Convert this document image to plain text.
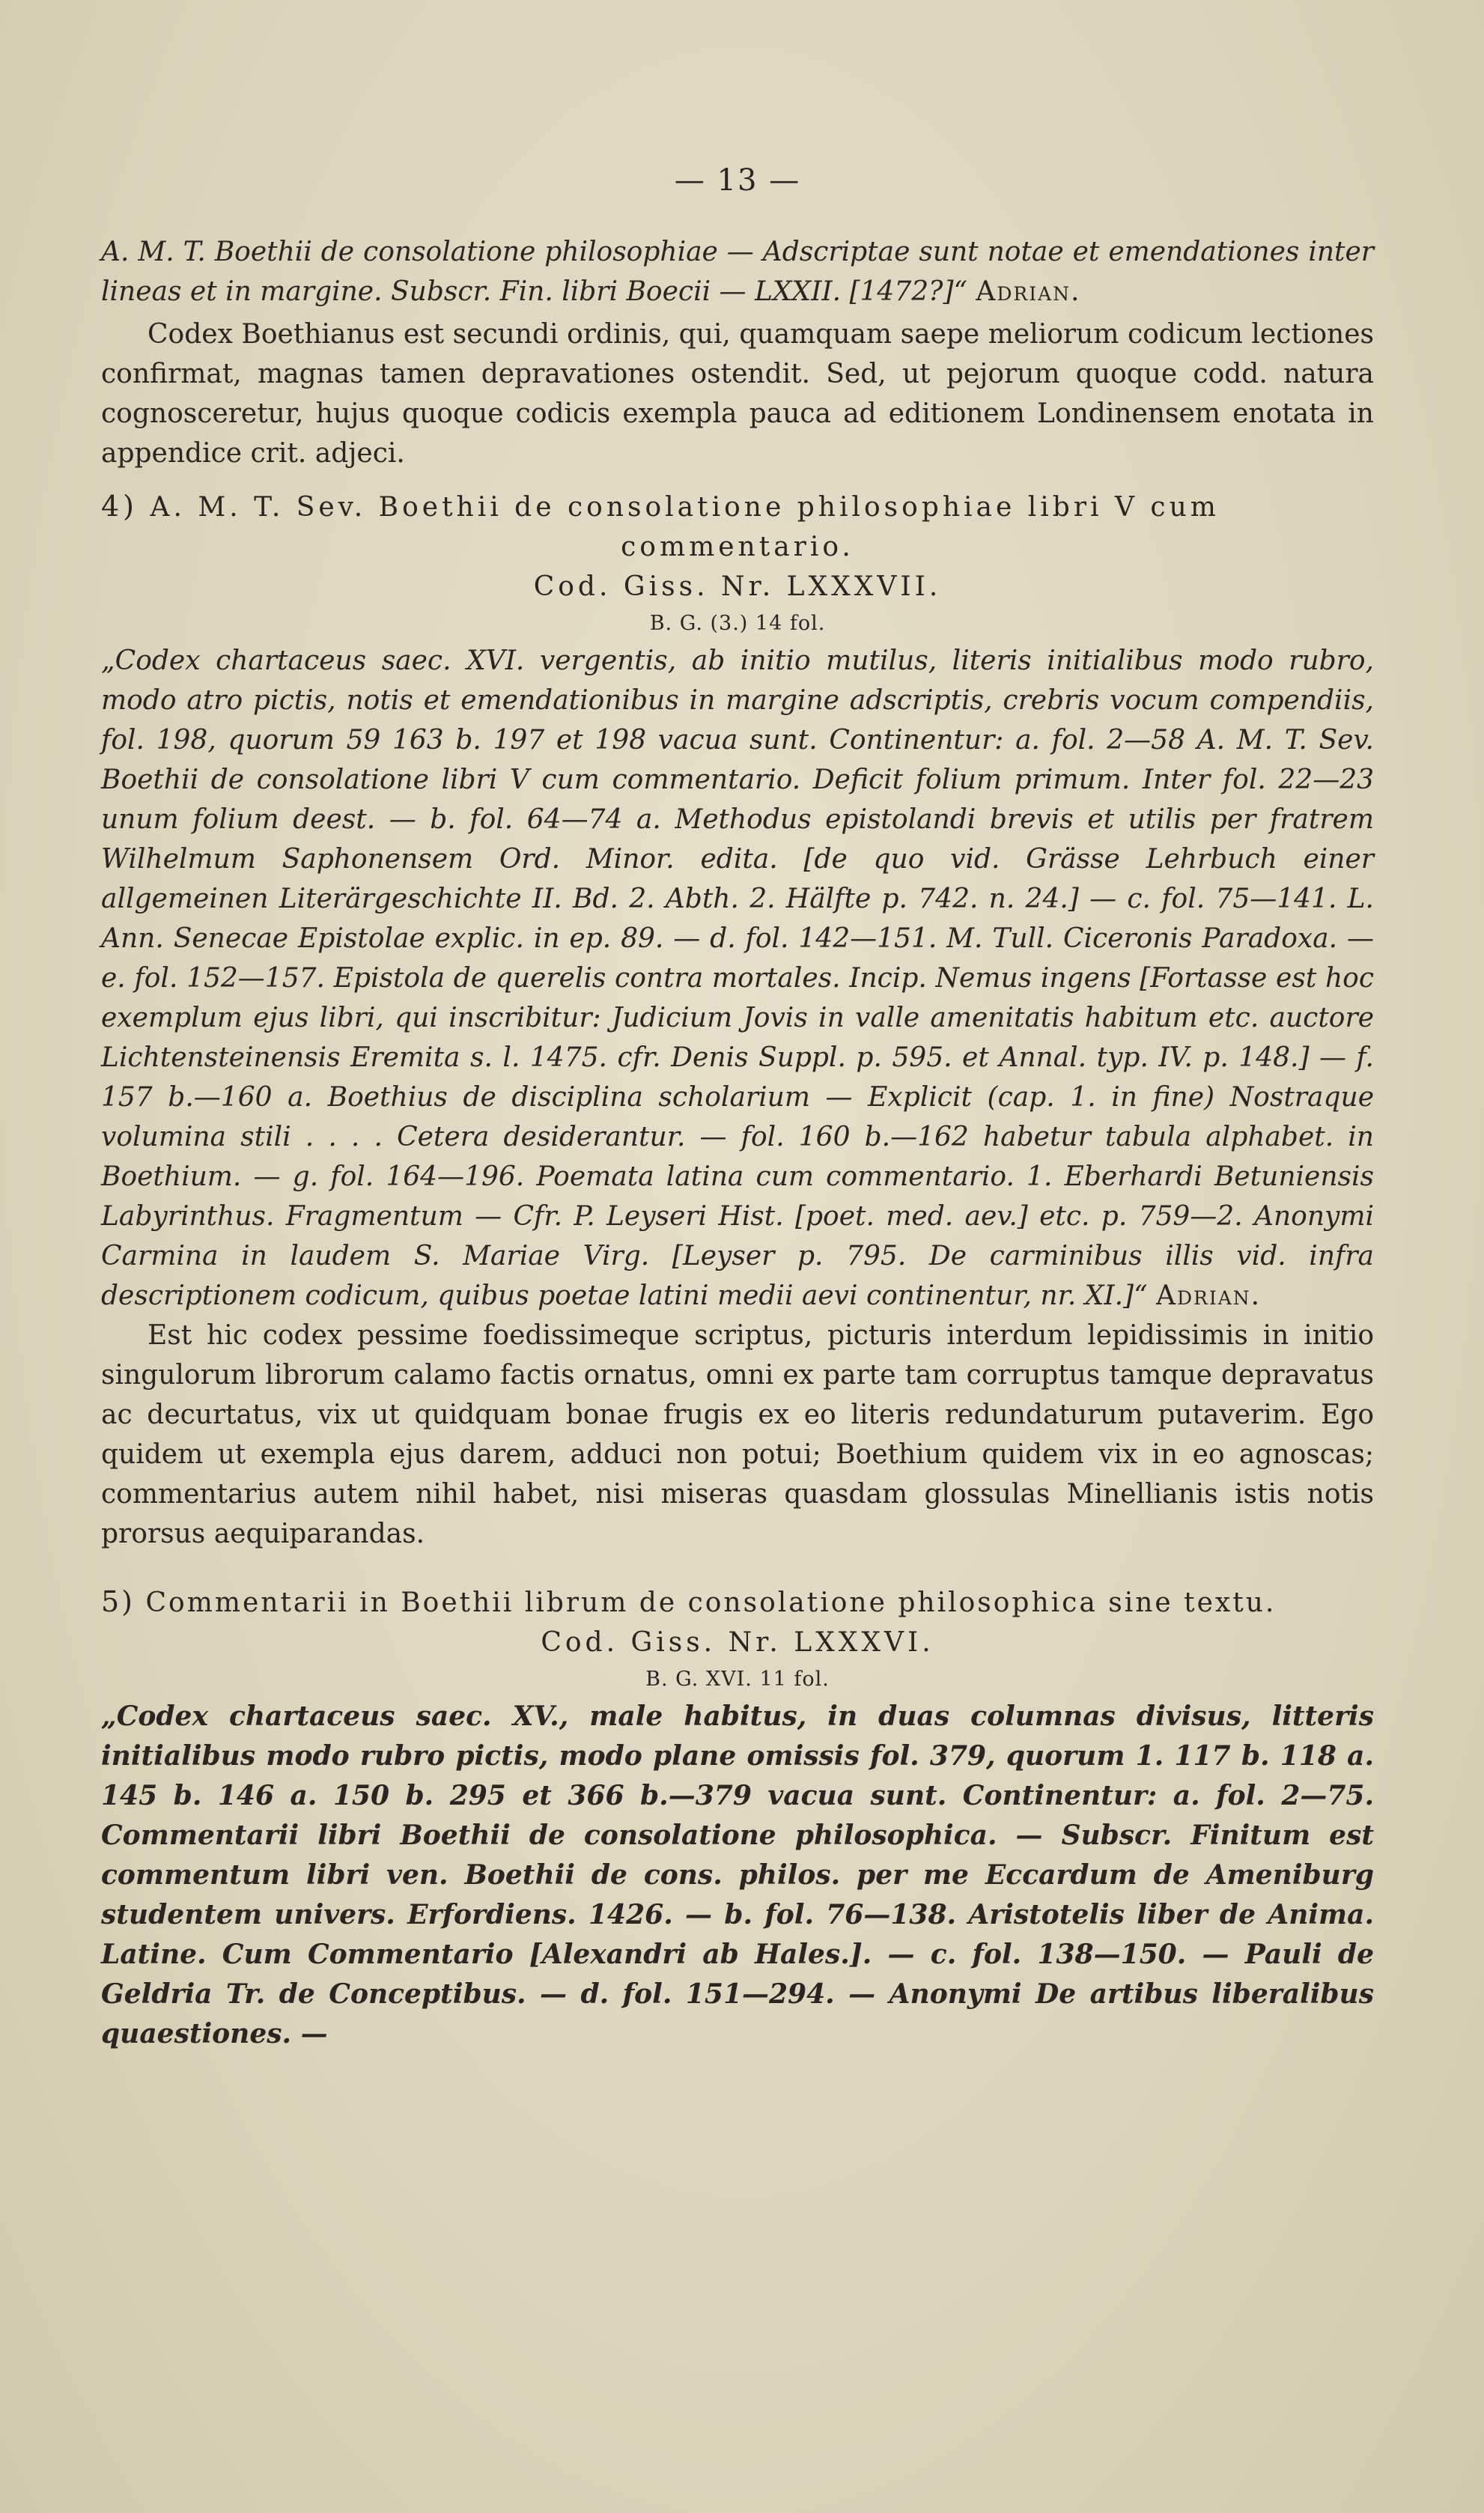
— 13 —

A. M. T. Boethii de consolatione philosophiae — Adscriptae sunt notae et emendationes inter lineas et in margine. Subscr. Fin. libri Boecii — LXXII. [1472?]“ Adrian.

Codex Boethianus est secundi ordinis, qui, quamquam saepe meliorum codicum lectiones confirmat, magnas tamen depravationes ostendit. Sed, ut pejorum quoque codd. natura cognosceretur, hujus quoque codicis exempla pauca ad editionem Londinensem enotata in appendice crit. adjeci.

4) A. M. T. Sev. Boethii de consolatione philosophiae libri V cum

commentario.

Cod. Giss. Nr. LXXXVII.

B. G. (3.) 14 fol.

„Codex chartaceus saec. XVI. vergentis, ab initio mutilus, literis initialibus modo rubro, modo atro pictis, notis et emendationibus in margine adscriptis, crebris vocum compendiis, fol. 198, quorum 59 163 b. 197 et 198 vacua sunt. Continentur: a. fol. 2—58 A. M. T. Sev. Boethii de consolatione libri V cum commentario. Deficit folium primum. Inter fol. 22—23 unum folium deest. — b. fol. 64—74 a. Methodus epistolandi brevis et utilis per fratrem Wilhelmum Saphonensem Ord. Minor. edita. [de quo vid. Grässe Lehrbuch einer allgemeinen Literärgeschichte II. Bd. 2. Abth. 2. Hälfte p. 742. n. 24.] — c. fol. 75—141. L. Ann. Senecae Epistolae explic. in ep. 89. — d. fol. 142—151. M. Tull. Ciceronis Paradoxa. — e. fol. 152—157. Epistola de querelis contra mortales. Incip. Nemus ingens [Fortasse est hoc exemplum ejus libri, qui inscribitur: Judicium Jovis in valle amenitatis habitum etc. auctore Lichtensteinensis Eremita s. l. 1475. cfr. Denis Suppl. p. 595. et Annal. typ. IV. p. 148.] — f. 157 b.—160 a. Boethius de disciplina scholarium — Explicit (cap. 1. in fine) Nostraque volumina stili . . . . Cetera desiderantur. — fol. 160 b.—162 habetur tabula alphabet. in Boethium. — g. fol. 164—196. Poemata latina cum commentario. 1. Eberhardi Betuniensis Labyrinthus. Fragmentum — Cfr. P. Leyseri Hist. [poet. med. aev.] etc. p. 759—2. Anonymi Carmina in laudem S. Mariae Virg. [Leyser p. 795. De carminibus illis vid. infra descriptionem codicum, quibus poetae latini medii aevi continentur, nr. XI.]“ Adrian.

Est hic codex pessime foedissimeque scriptus, picturis interdum lepidissimis in initio singulorum librorum calamo factis ornatus, omni ex parte tam corruptus tamque depravatus ac decurtatus, vix ut quidquam bonae frugis ex eo literis redundaturum putaverim. Ego quidem ut exempla ejus darem, adduci non potui; Boethium quidem vix in eo agnoscas; commentarius autem nihil habet, nisi miseras quasdam glossulas Minellianis istis notis prorsus aequiparandas.

5) Commentarii in Boethii librum de consolatione philosophica sine textu.

Cod. Giss. Nr. LXXXVI.

B. G. XVI. 11 fol.

„Codex chartaceus saec. XV., male habitus, in duas columnas divisus, litteris initialibus modo rubro pictis, modo plane omissis fol. 379, quorum 1. 117 b. 118 a. 145 b. 146 a. 150 b. 295 et 366 b.—379 vacua sunt. Continentur: a. fol. 2—75. Commentarii libri Boethii de consolatione philosophica. — Subscr. Finitum est commentum libri ven. Boethii de cons. philos. per me Eccardum de Ameniburg studentem univers. Erfordiens. 1426. — b. fol. 76—138. Aristotelis liber de Anima. Latine. Cum Commentario [Alexandri ab Hales.]. — c. fol. 138—150. — Pauli de Geldria Tr. de Conceptibus. — d. fol. 151—294. — Anonymi De artibus liberalibus quaestiones. —
